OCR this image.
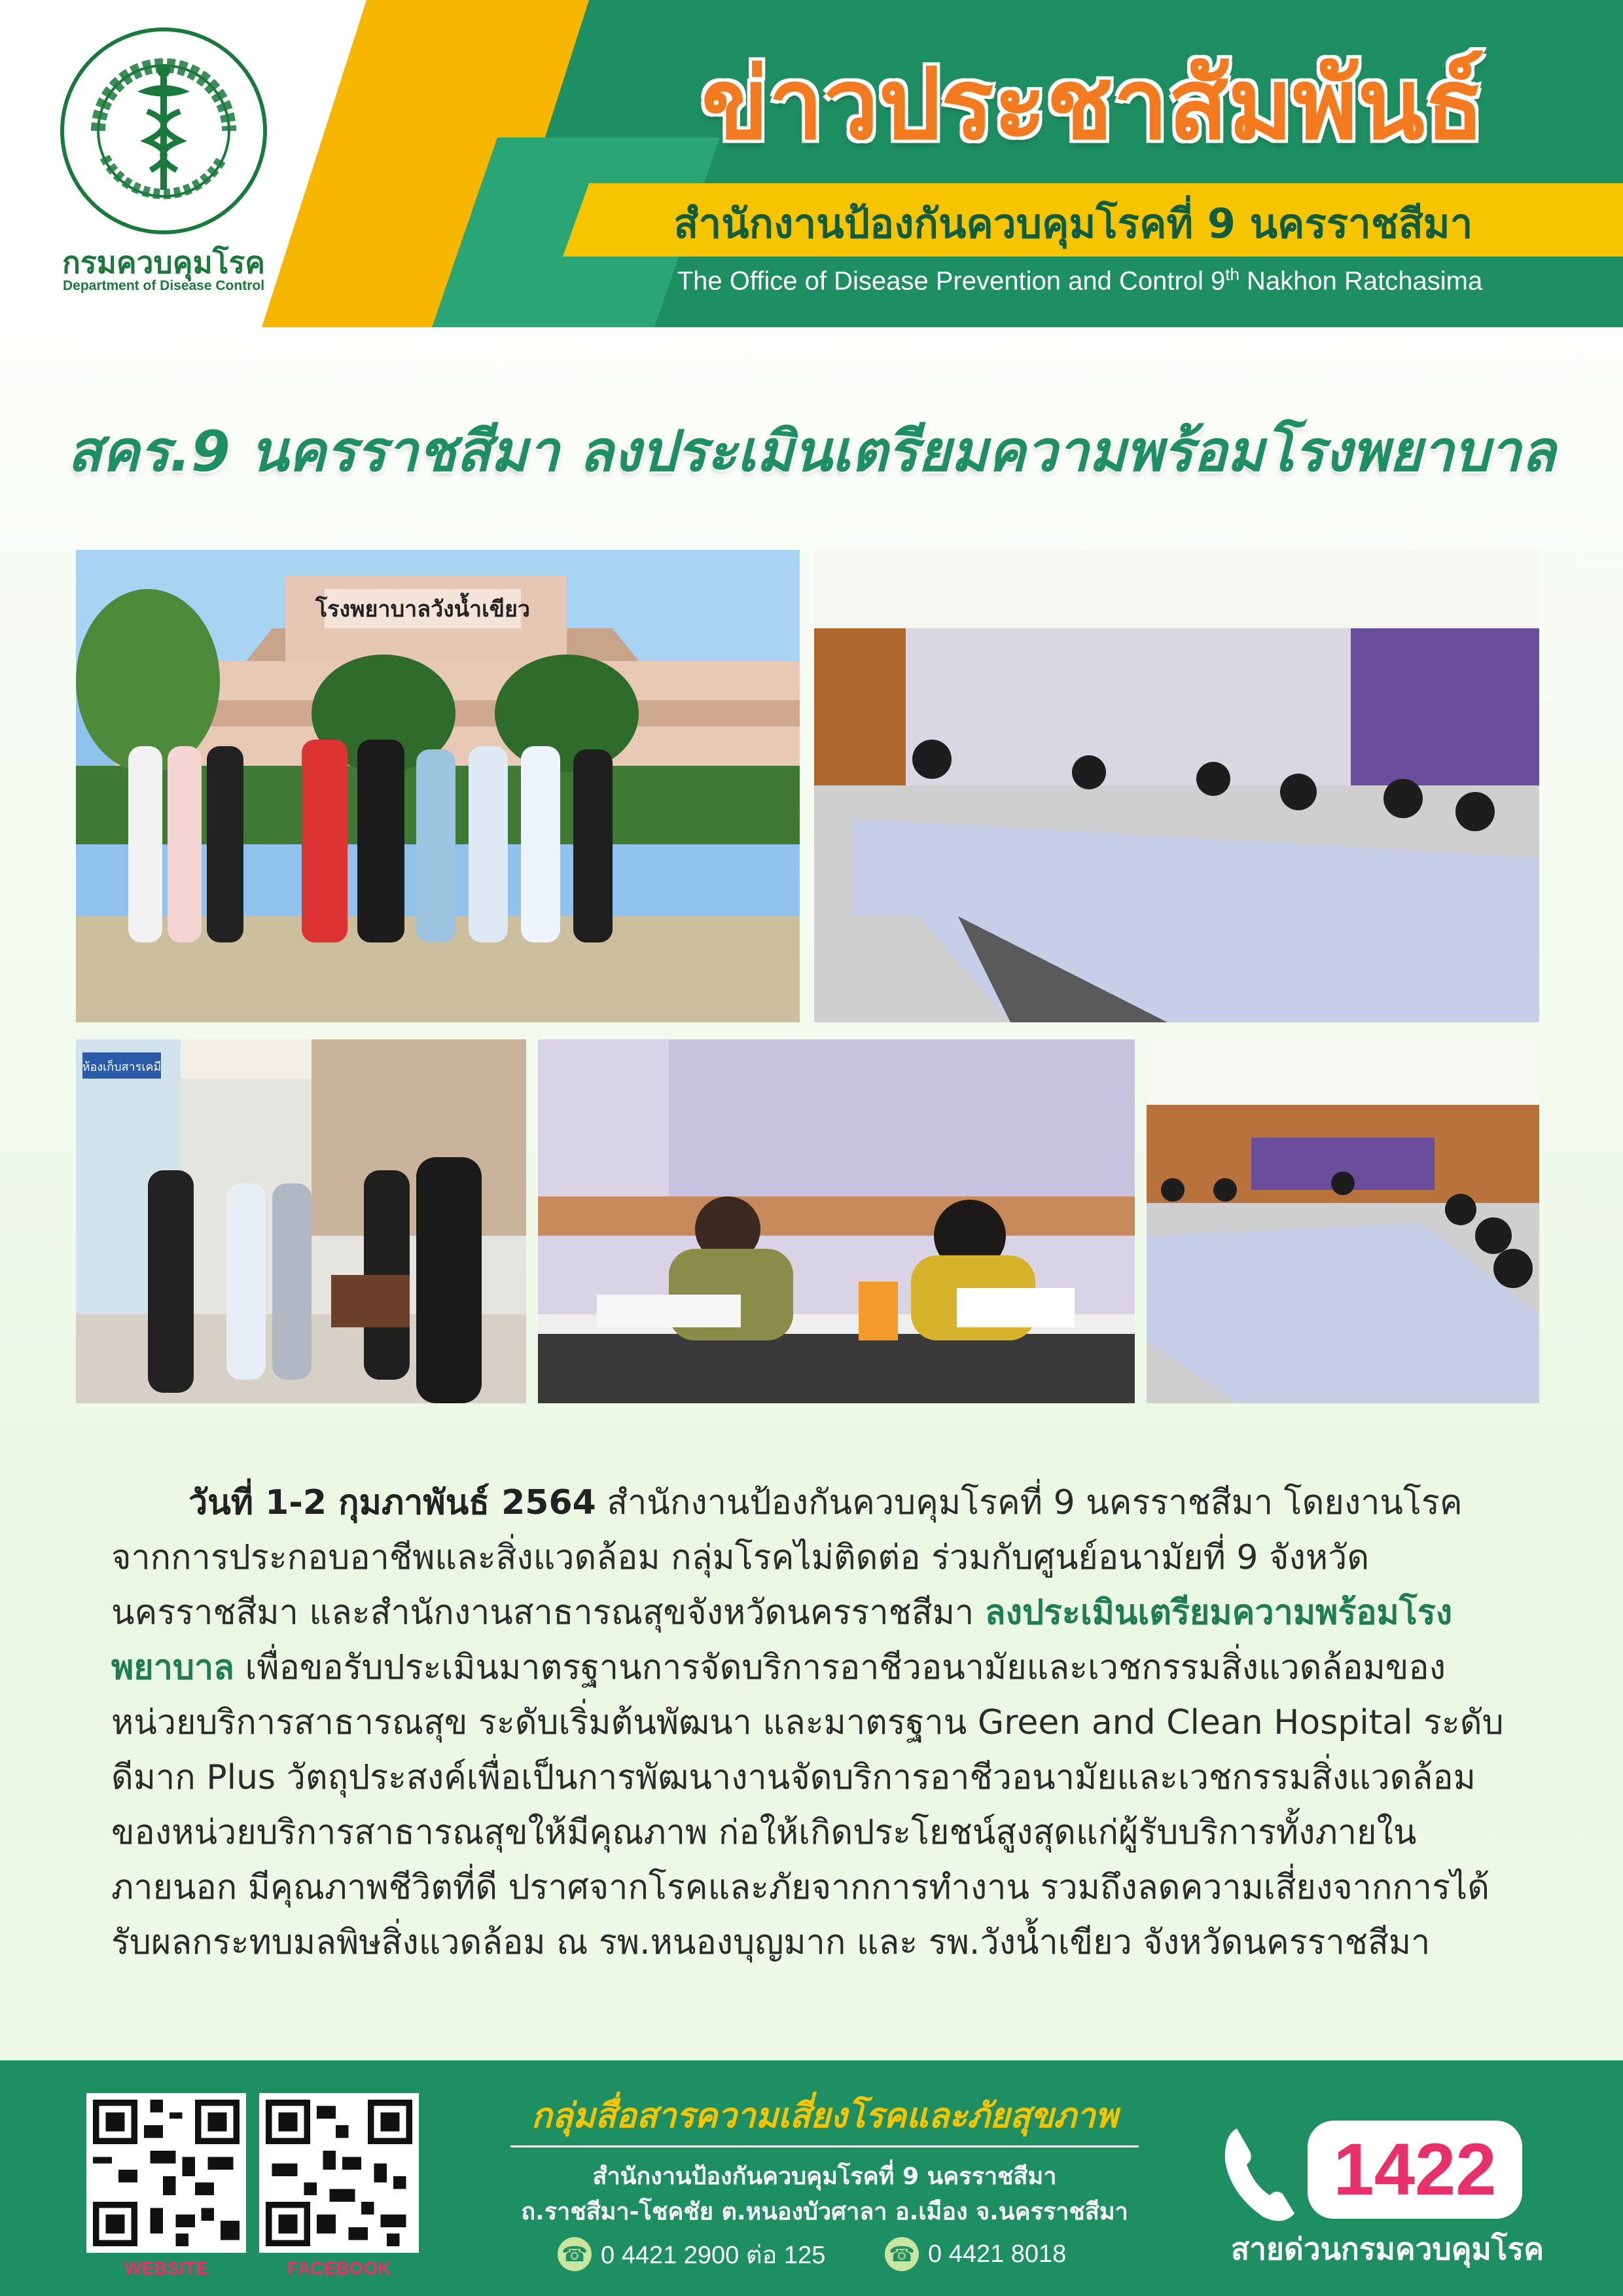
กรมควบคุมโรค
Department of Disease Control
ข่าวประชาสัมพันธ์
สำนักงานป้องกันควบคุมโรคที่ 9 นครราชสีมา
The Office of Disease Prevention and Control 9th Nakhon Ratchasima
สคร.9 นครราชสีมา ลงประเมินเตรียมความพร้อมโรงพยาบาล
โรงพยาบาลวังน้ำเขียว
ห้องเก็บสารเคมี
วันที่ 1-2 กุมภาพันธ์ 2564 สำนักงานป้องกันควบคุมโรคที่ 9 นครราชสีมา โดยงานโรคจากการประกอบอาชีพและสิ่งแวดล้อม กลุ่มโรคไม่ติดต่อ ร่วมกับศูนย์อนามัยที่ 9 จังหวัดนครราชสีมา และสำนักงานสาธารณสุขจังหวัดนครราชสีมา ลงประเมินเตรียมความพร้อมโรงพยาบาล เพื่อขอรับประเมินมาตรฐานการจัดบริการอาชีวอนามัยและเวชกรรมสิ่งแวดล้อมของหน่วยบริการสาธารณสุข ระดับเริ่มต้นพัฒนา และมาตรฐาน Green and Clean Hospital ระดับดีมาก Plus วัตถุประสงค์เพื่อเป็นการพัฒนางานจัดบริการอาชีวอนามัยและเวชกรรมสิ่งแวดล้อมของหน่วยบริการสาธารณสุขให้มีคุณภาพ ก่อให้เกิดประโยชน์สูงสุดแก่ผู้รับบริการทั้งภายใน ภายนอก มีคุณภาพชีวิตที่ดี ปราศจากโรคและภัยจากการทำงาน รวมถึงลดความเสี่ยงจากการได้รับผลกระทบมลพิษสิ่งแวดล้อม ณ รพ.หนองบุญมาก และ รพ.วังน้ำเขียว จังหวัดนครราชสีมา
WEBSITE	FACEBOOK
กลุ่มสื่อสารความเสี่ยงโรคและภัยสุขภาพ
สำนักงานป้องกันควบคุมโรคที่ 9 นครราชสีมา
ถ.ราชสีมา-โชคชัย ต.หนองบัวศาลา อ.เมือง จ.นครราชสีมา
☎ 0 4421 2900 ต่อ 125	☎ 0 4421 8018
1422
สายด่วนกรมควบคุมโรค
